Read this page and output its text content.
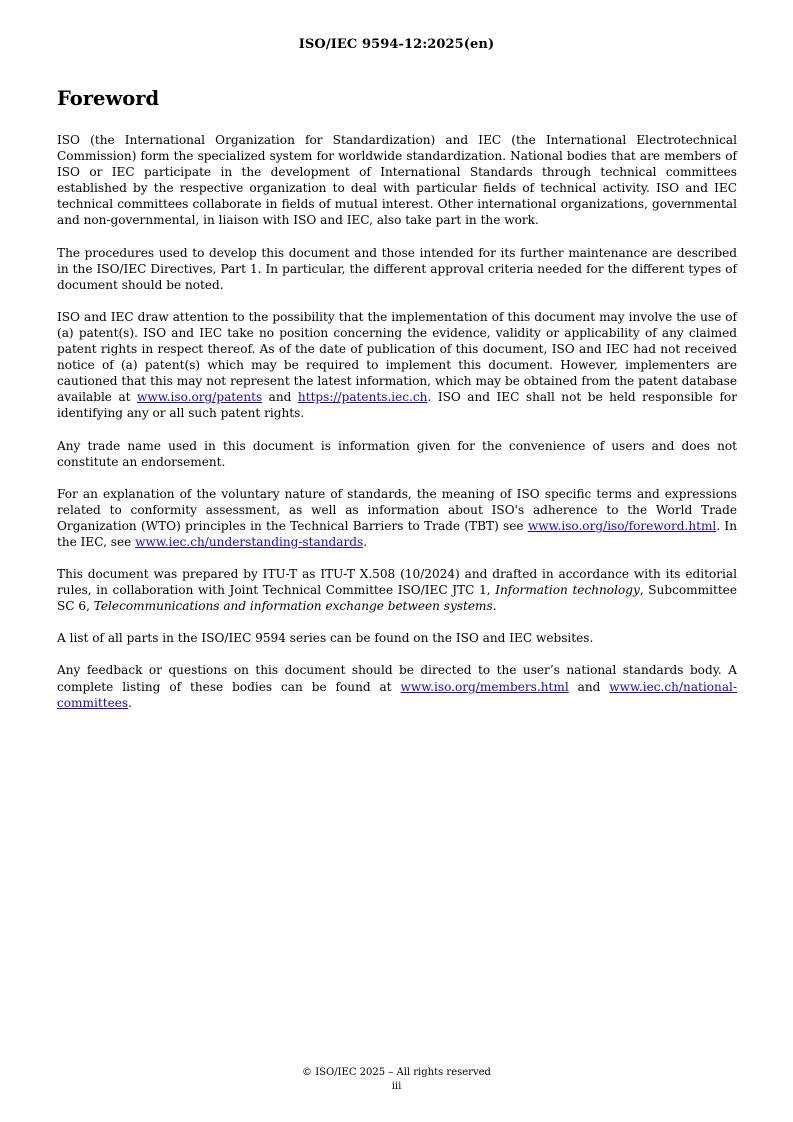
ISO/IEC 9594-12:2025(en)
Foreword

ISO (the International Organization for Standardization) and IEC (the International Electrotechnical Commission) form the specialized system for worldwide standardization. National bodies that are members of ISO or IEC participate in the development of International Standards through technical committees established by the respective organization to deal with particular fields of technical activity. ISO and IEC technical committees collaborate in fields of mutual interest. Other international organizations, governmental and non-governmental, in liaison with ISO and IEC, also take part in the work.

The procedures used to develop this document and those intended for its further maintenance are described in the ISO/IEC Directives, Part 1. In particular, the different approval criteria needed for the different types of document should be noted.

ISO and IEC draw attention to the possibility that the implementation of this document may involve the use of (a) patent(s). ISO and IEC take no position concerning the evidence, validity or applicability of any claimed patent rights in respect thereof. As of the date of publication of this document, ISO and IEC had not received notice of (a) patent(s) which may be required to implement this document. However, implementers are cautioned that this may not represent the latest information, which may be obtained from the patent database available at www.iso.org/patents and https://patents.iec.ch. ISO and IEC shall not be held responsible for identifying any or all such patent rights.

Any trade name used in this document is information given for the convenience of users and does not constitute an endorsement.

For an explanation of the voluntary nature of standards, the meaning of ISO specific terms and expressions related to conformity assessment, as well as information about ISO's adherence to the World Trade Organization (WTO) principles in the Technical Barriers to Trade (TBT) see www.iso.org/iso/foreword.html. In the IEC, see www.iec.ch/understanding-standards.

This document was prepared by ITU-T as ITU-T X.508 (10/2024) and drafted in accordance with its editorial rules, in collaboration with Joint Technical Committee ISO/IEC JTC 1, Information technology, Subcommittee SC 6, Telecommunications and information exchange between systems.

A list of all parts in the ISO/IEC 9594 series can be found on the ISO and IEC websites.

Any feedback or questions on this document should be directed to the user’s national standards body. A complete listing of these bodies can be found at www.iso.org/members.html and www.iec.ch/national-committees.

© ISO/IEC 2025 – All rights reserved
iii
